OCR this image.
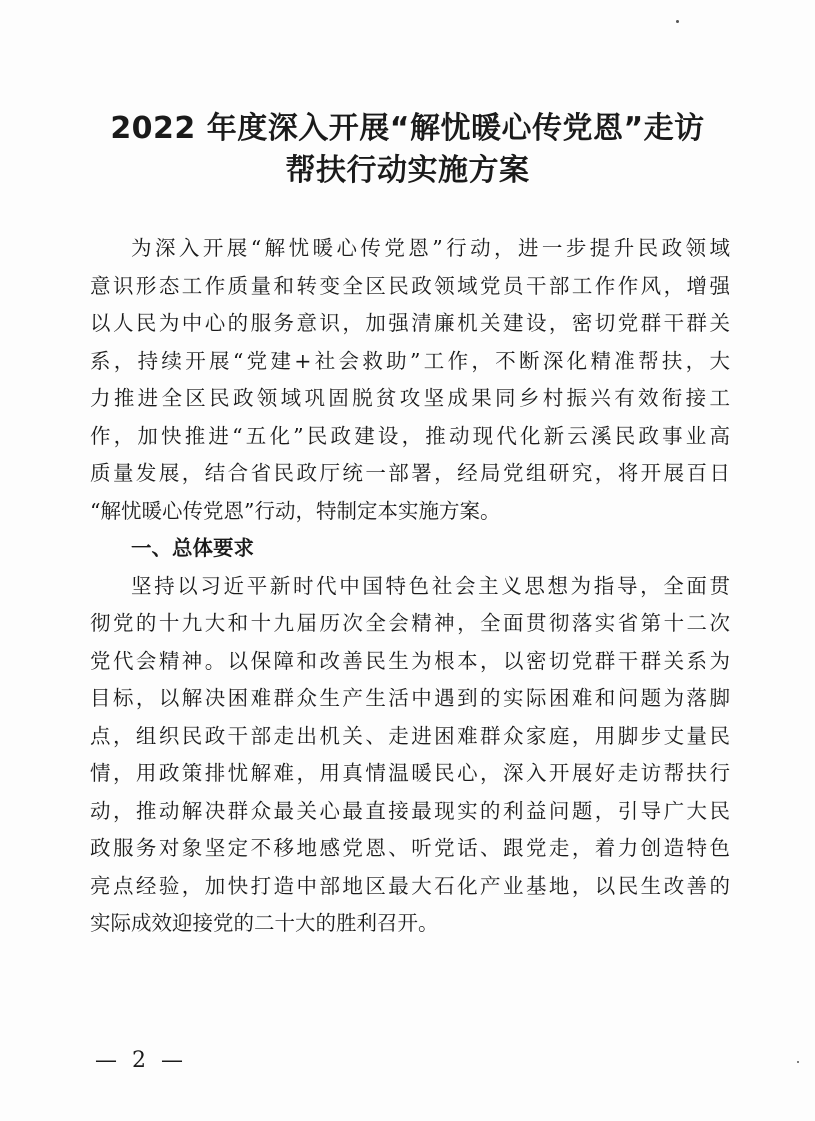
2022 年度深入开展“解忧暖心传党恩”走访
帮扶行动实施方案
为深入开展“解忧暖心传党恩”行动，进一步提升民政领域
意识形态工作质量和转变全区民政领域党员干部工作作风，增强
以人民为中心的服务意识，加强清廉机关建设，密切党群干群关
系，持续开展“党建+社会救助”工作，不断深化精准帮扶，大
力推进全区民政领域巩固脱贫攻坚成果同乡村振兴有效衔接工
作，加快推进“五化”民政建设，推动现代化新云溪民政事业高
质量发展，结合省民政厅统一部署，经局党组研究，将开展百日
“解忧暖心传党恩”行动，特制定本实施方案。
一、总体要求
坚持以习近平新时代中国特色社会主义思想为指导，全面贯
彻党的十九大和十九届历次全会精神，全面贯彻落实省第十二次
党代会精神。以保障和改善民生为根本，以密切党群干群关系为
目标，以解决困难群众生产生活中遇到的实际困难和问题为落脚
点，组织民政干部走出机关、走进困难群众家庭，用脚步丈量民
情，用政策排忧解难，用真情温暖民心，深入开展好走访帮扶行
动，推动解决群众最关心最直接最现实的利益问题，引导广大民
政服务对象坚定不移地感党恩、听党话、跟党走，着力创造特色
亮点经验，加快打造中部地区最大石化产业基地，以民生改善的
实际成效迎接党的二十大的胜利召开。
— 2 —
